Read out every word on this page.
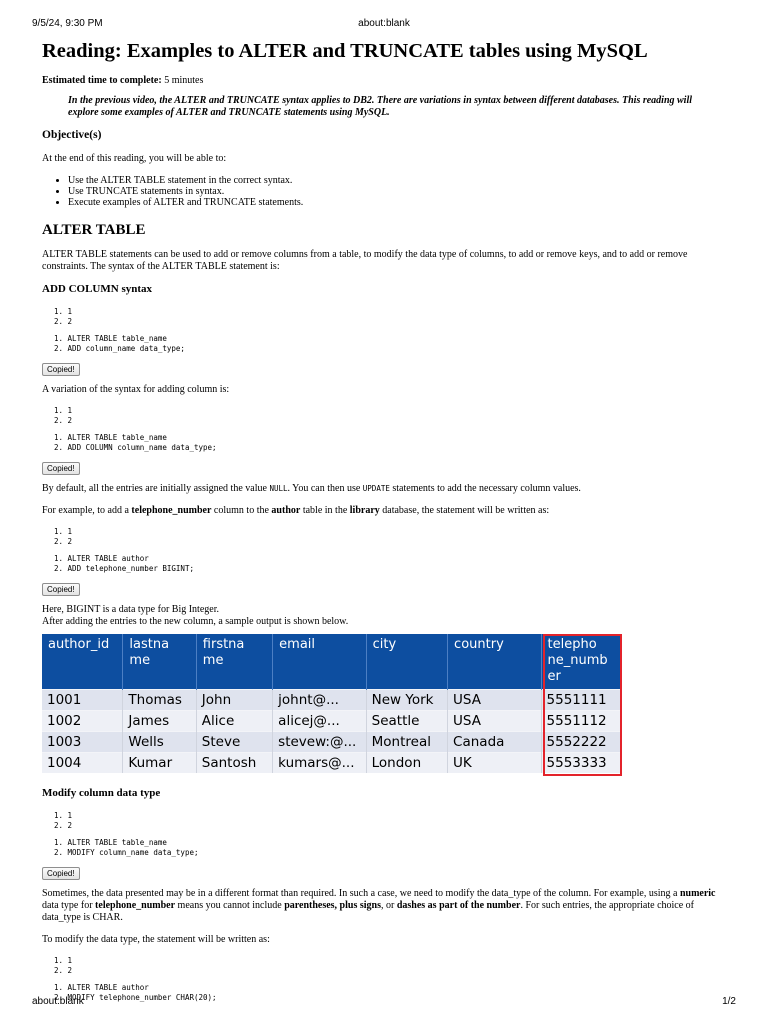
9/5/24, 9:30 PM	about:blank
Reading: Examples to ALTER and TRUNCATE tables using MySQL

Estimated time to complete: 5 minutes

In the previous video, the ALTER and TRUNCATE syntax applies to DB2. There are variations in syntax between different databases. This reading will explore some examples of ALTER and TRUNCATE statements using MySQL.

Objective(s)

At the end of this reading, you will be able to:

• Use the ALTER TABLE statement in the correct syntax.
• Use TRUNCATE statements in syntax.
• Execute examples of ALTER and TRUNCATE statements.
ALTER TABLE

ALTER TABLE statements can be used to add or remove columns from a table, to modify the data type of columns, to add or remove keys, and to add or remove constraints. The syntax of the ALTER TABLE statement is:

ADD COLUMN syntax
1. 1
2. 2
1. ALTER TABLE table_name
2. ADD column_name data_type;
Copied!

A variation of the syntax for adding column is:

1. 1
2. 2
1. ALTER TABLE table_name
2. ADD COLUMN column_name data_type;
Copied!

By default, all the entries are initially assigned the value NULL. You can then use UPDATE statements to add the necessary column values.

For example, to add a telephone_number column to the author table in the library database, the statement will be written as:

1. 1
2. 2
1. ALTER TABLE author
2. ADD telephone_number BIGINT;
Copied!

Here, BIGINT is a data type for Big Integer.
After adding the entries to the new column, a sample output is shown below.

author_id	lastna me	firstna me	email	city	country	telepho ne_numb er
1001	Thomas	John	johnt@...	New York	USA	5551111
1002	James	Alice	alicej@...	Seattle	USA	5551112
1003	Wells	Steve	stevew:@...	Montreal	Canada	5552222
1004	Kumar	Santosh	kumars@...	London	UK	5553333
Modify column data type
1. 1
2. 2
1. ALTER TABLE table_name
2. MODIFY column_name data_type;
Copied!

Sometimes, the data presented may be in a different format than required. In such a case, we need to modify the data_type of the column. For example, using a numeric data type for telephone_number means you cannot include parentheses, plus signs, or dashes as part of the number. For such entries, the appropriate choice of data_type is CHAR.

To modify the data type, the statement will be written as:

1. 1
2. 2
1. ALTER TABLE author
2. MODIFY telephone_number CHAR(20);
about:blank	1/2
